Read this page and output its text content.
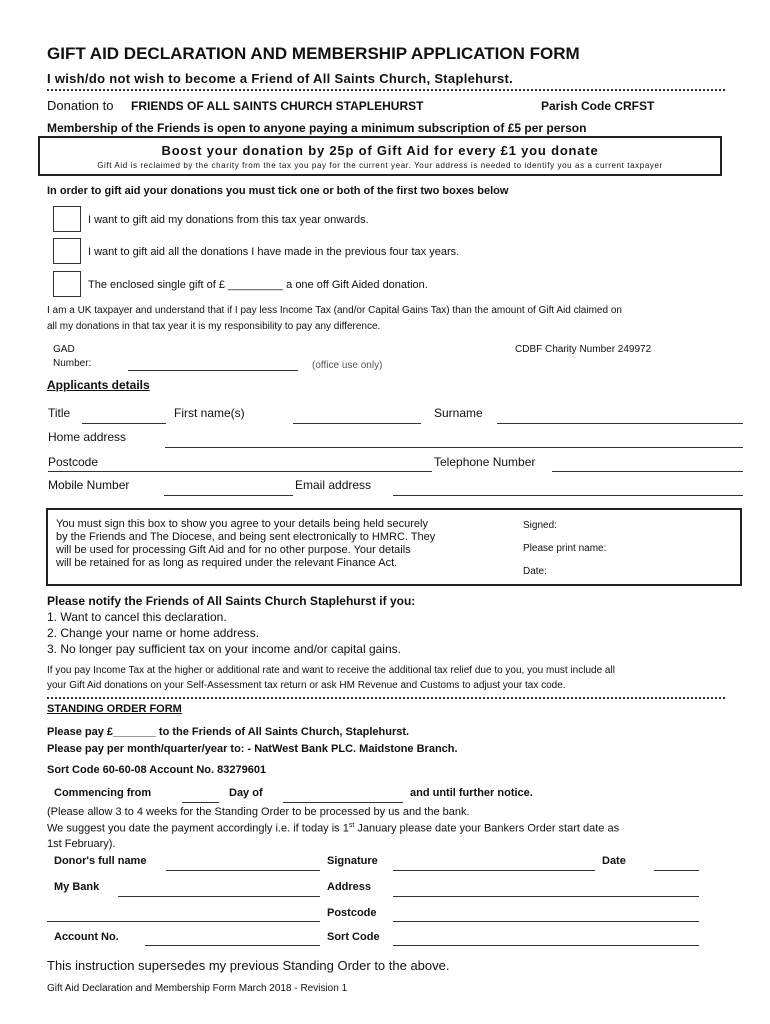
GIFT AID DECLARATION AND MEMBERSHIP APPLICATION FORM
I wish/do not wish to become a Friend of All Saints Church, Staplehurst.
Donation to FRIENDS OF ALL SAINTS CHURCH STAPLEHURST	Parish Code CRFST
Membership of the Friends is open to anyone paying a minimum subscription of £5 per person
Boost your donation by 25p of Gift Aid for every £1 you donate
Gift Aid is reclaimed by the charity from the tax you pay for the current year. Your address is needed to identify you as a current taxpayer
In order to gift aid your donations you must tick one or both of the first two boxes below
I want to gift aid my donations from this tax year onwards.
I want to gift aid all the donations I have made in the previous four tax years.
The enclosed single gift of £ _________ a one off Gift Aided donation.
I am a UK taxpayer and understand that if I pay less Income Tax (and/or Capital Gains Tax) than the amount of Gift Aid claimed on
all my donations in that tax year it is my responsibility to pay any difference.
GAD
Number:	(office use only)
CDBF Charity Number 249972
Applicants details
Title	First name(s)	Surname
Home address
Postcode	Telephone Number
Mobile Number	Email address
You must sign this box to show you agree to your details being held securely
by the Friends and The Diocese, and being sent electronically to HMRC. They
will be used for processing Gift Aid and for no other purpose. Your details
will be retained for as long as required under the relevant Finance Act.
Signed:
Please print name:
Date:
Please notify the Friends of All Saints Church Staplehurst if you:
1. Want to cancel this declaration.
2. Change your name or home address.
3. No longer pay sufficient tax on your income and/or capital gains.
If you pay Income Tax at the higher or additional rate and want to receive the additional tax relief due to you, you must include all
your Gift Aid donations on your Self-Assessment tax return or ask HM Revenue and Customs to adjust your tax code.
STANDING ORDER FORM
Please pay £_______ to the Friends of All Saints Church, Staplehurst.
Please pay per month/quarter/year to: - NatWest Bank PLC. Maidstone Branch.
Sort Code 60-60-08 Account No. 83279601
Commencing from	Day of	and until further notice.
(Please allow 3 to 4 weeks for the Standing Order to be processed by us and the bank.
We suggest you date the payment accordingly i.e. if today is 1st January please date your Bankers Order start date as
1st February).
Donor's full name	Signature	Date
My Bank	Address
Postcode
Account No.	Sort Code
This instruction supersedes my previous Standing Order to the above.
Gift Aid Declaration and Membership Form March 2018 - Revision 1
